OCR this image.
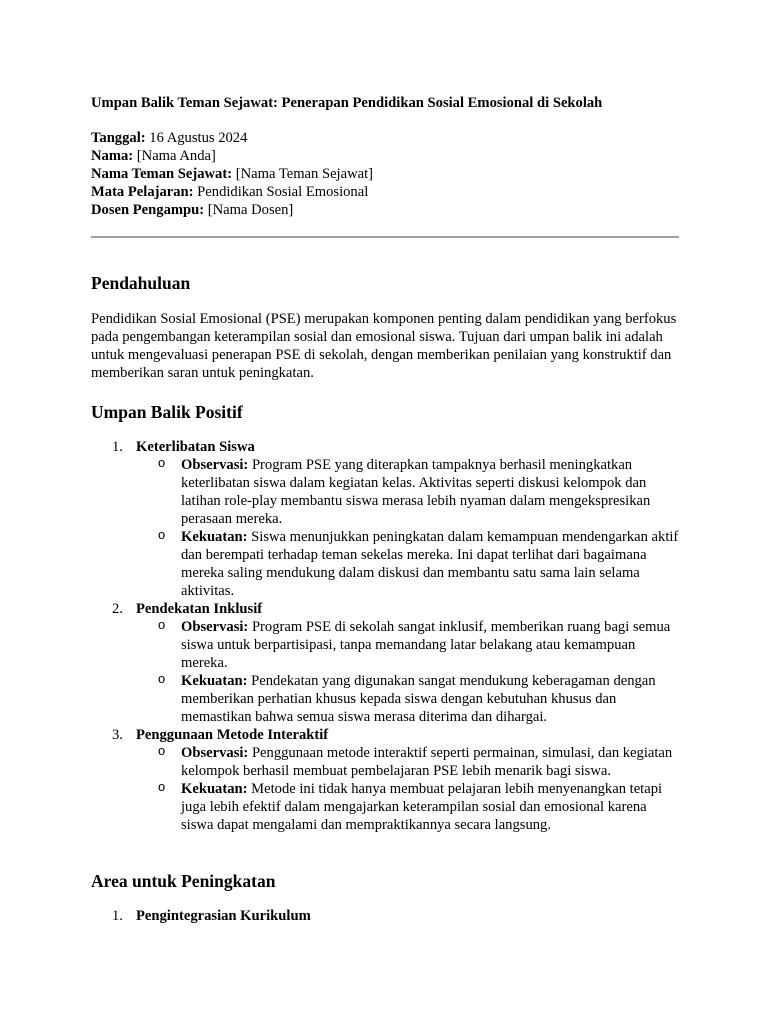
Umpan Balik Teman Sejawat: Penerapan Pendidikan Sosial Emosional di Sekolah
Tanggal: 16 Agustus 2024
Nama: [Nama Anda]
Nama Teman Sejawat: [Nama Teman Sejawat]
Mata Pelajaran: Pendidikan Sosial Emosional
Dosen Pengampu: [Nama Dosen]
Pendahuluan

Pendidikan Sosial Emosional (PSE) merupakan komponen penting dalam pendidikan yang berfokus pada pengembangan keterampilan sosial dan emosional siswa. Tujuan dari umpan balik ini adalah untuk mengevaluasi penerapan PSE di sekolah, dengan memberikan penilaian yang konstruktif dan memberikan saran untuk peningkatan.

Umpan Balik Positif
1. Keterlibatan Siswa
o Observasi: Program PSE yang diterapkan tampaknya berhasil meningkatkan keterlibatan siswa dalam kegiatan kelas. Aktivitas seperti diskusi kelompok dan latihan role-play membantu siswa merasa lebih nyaman dalam mengekspresikan perasaan mereka.
o Kekuatan: Siswa menunjukkan peningkatan dalam kemampuan mendengarkan aktif dan berempati terhadap teman sekelas mereka. Ini dapat terlihat dari bagaimana mereka saling mendukung dalam diskusi dan membantu satu sama lain selama aktivitas.
2. Pendekatan Inklusif
o Observasi: Program PSE di sekolah sangat inklusif, memberikan ruang bagi semua siswa untuk berpartisipasi, tanpa memandang latar belakang atau kemampuan mereka.
o Kekuatan: Pendekatan yang digunakan sangat mendukung keberagaman dengan memberikan perhatian khusus kepada siswa dengan kebutuhan khusus dan memastikan bahwa semua siswa merasa diterima dan dihargai.
3. Penggunaan Metode Interaktif
o Observasi: Penggunaan metode interaktif seperti permainan, simulasi, dan kegiatan kelompok berhasil membuat pembelajaran PSE lebih menarik bagi siswa.
o Kekuatan: Metode ini tidak hanya membuat pelajaran lebih menyenangkan tetapi juga lebih efektif dalam mengajarkan keterampilan sosial dan emosional karena siswa dapat mengalami dan mempraktikannya secara langsung.
Area untuk Peningkatan
1. Pengintegrasian Kurikulum
